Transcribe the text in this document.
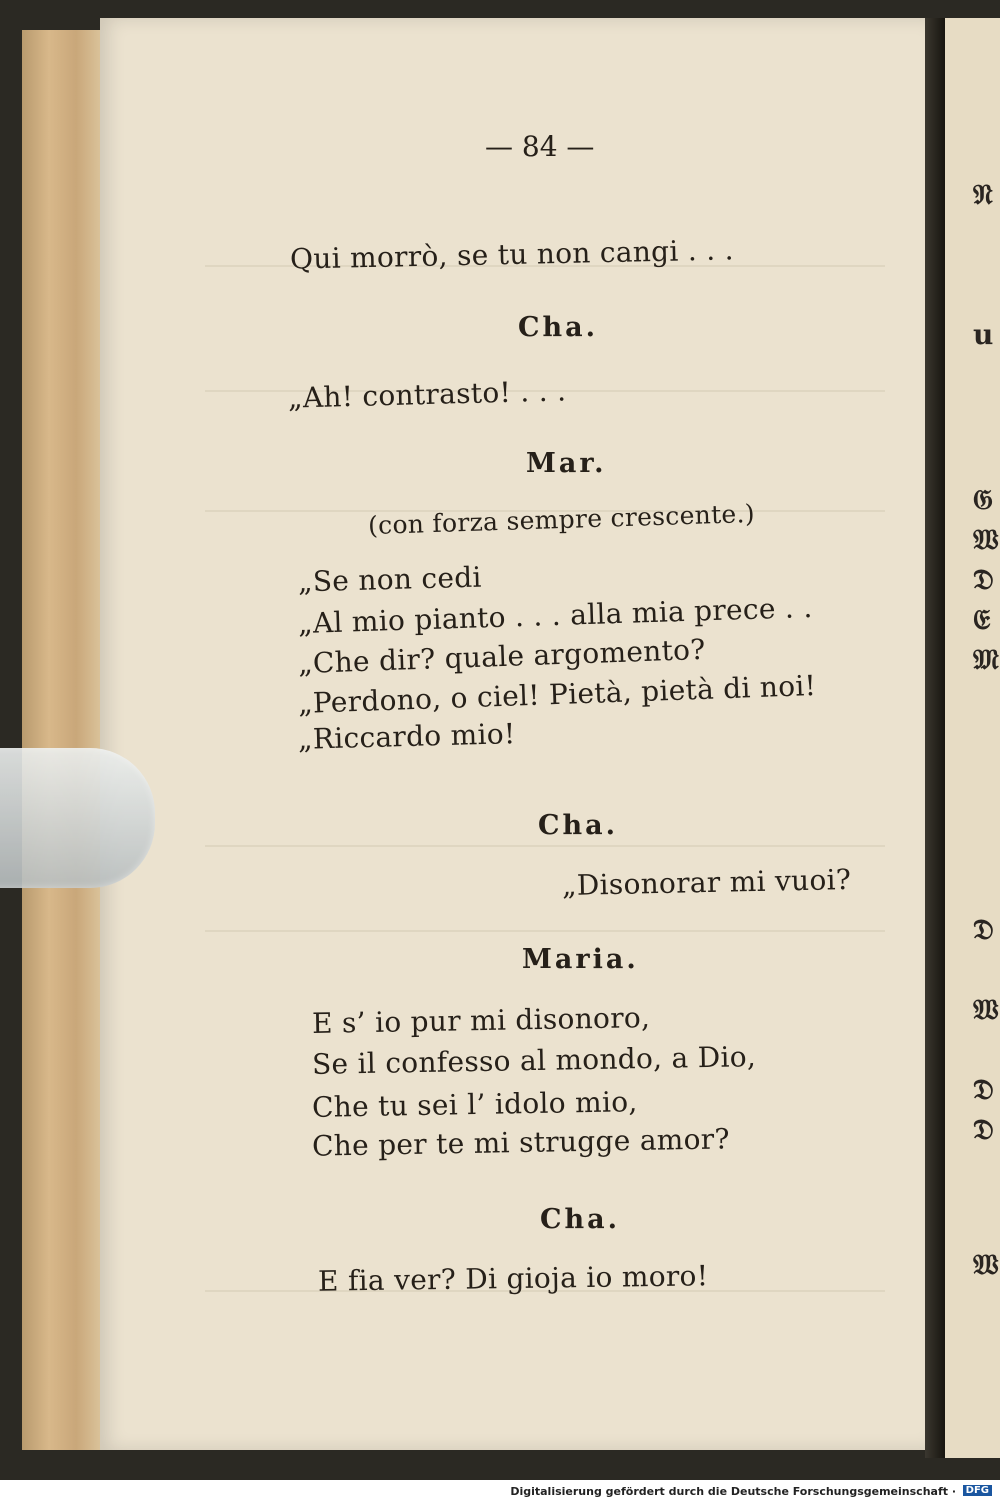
𝔑
u
𝔊
𝔚
𝔇
𝔈
𝔐
𝔇
𝔚
𝔇
𝔇
𝔚
— 84 —
Qui morrò, se tu non cangi . . .
Cha.
„Ah! contrasto! . . .
Mar.
(con forza sempre crescente.)
„Se non cedi
„Al mio pianto . . . alla mia prece . .
„Che dir? quale argomento?
„Perdono, o ciel! Pietà, pietà di noi!
„Riccardo mio!
Cha.
„Disonorar mi vuoi?
Maria.
E s’ io pur mi disonoro,
Se il confesso al mondo, a Dio,
Che tu sei l’ idolo mio,
Che per te mi strugge amor?
Cha.
E fia ver? Di gioja io moro!
Digitalisierung gefördert durch die Deutsche Forschungsgemeinschaft · DFG
